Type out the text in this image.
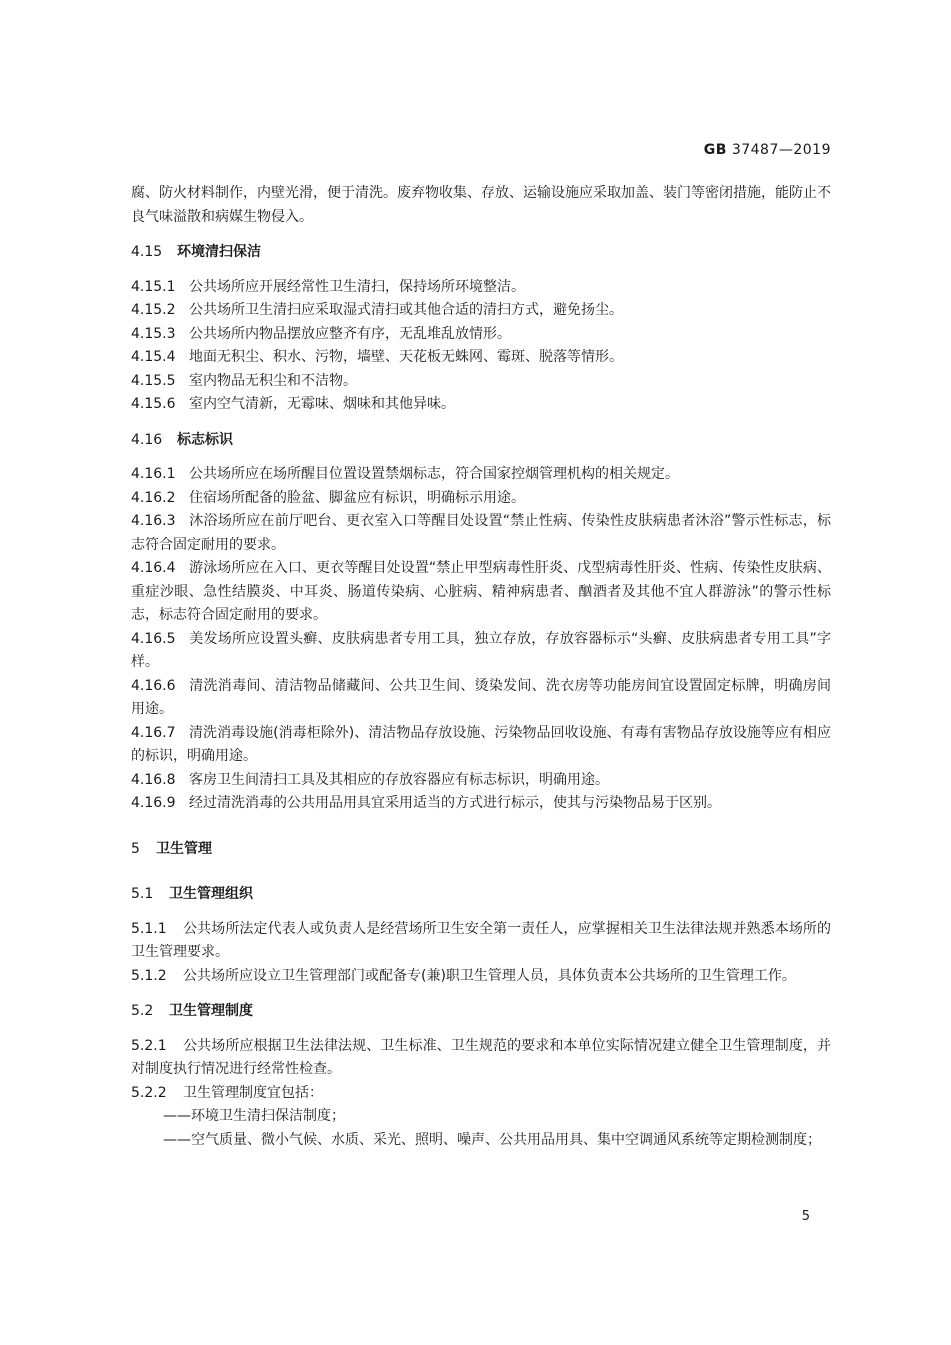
GB 37487—2019

腐、防火材料制作，内壁光滑，便于清洗。废弃物收集、存放、运输设施应采取加盖、装门等密闭措施，能防止不良气味溢散和病媒生物侵入。

4.15 环境清扫保洁

4.15.1 公共场所应开展经常性卫生清扫，保持场所环境整洁。

4.15.2 公共场所卫生清扫应采取湿式清扫或其他合适的清扫方式，避免扬尘。

4.15.3 公共场所内物品摆放应整齐有序，无乱堆乱放情形。

4.15.4 地面无积尘、积水、污物，墙壁、天花板无蛛网、霉斑、脱落等情形。

4.15.5 室内物品无积尘和不洁物。

4.15.6 室内空气清新，无霉味、烟味和其他异味。

4.16 标志标识

4.16.1 公共场所应在场所醒目位置设置禁烟标志，符合国家控烟管理机构的相关规定。

4.16.2 住宿场所配备的脸盆、脚盆应有标识，明确标示用途。

4.16.3 沐浴场所应在前厅吧台、更衣室入口等醒目处设置“禁止性病、传染性皮肤病患者沐浴”警示性标志，标志符合固定耐用的要求。

4.16.4 游泳场所应在入口、更衣等醒目处设置“禁止甲型病毒性肝炎、戊型病毒性肝炎、性病、传染性皮肤病、重症沙眼、急性结膜炎、中耳炎、肠道传染病、心脏病、精神病患者、酗酒者及其他不宜人群游泳”的警示性标志，标志符合固定耐用的要求。

4.16.5 美发场所应设置头癣、皮肤病患者专用工具，独立存放，存放容器标示“头癣、皮肤病患者专用工具”字样。

4.16.6 清洗消毒间、清洁物品储藏间、公共卫生间、烫染发间、洗衣房等功能房间宜设置固定标牌，明确房间用途。

4.16.7 清洗消毒设施(消毒柜除外)、清洁物品存放设施、污染物品回收设施、有毒有害物品存放设施等应有相应的标识，明确用途。

4.16.8 客房卫生间清扫工具及其相应的存放容器应有标志标识，明确用途。

4.16.9 经过清洗消毒的公共用品用具宜采用适当的方式进行标示，使其与污染物品易于区别。

5 卫生管理

5.1 卫生管理组织

5.1.1 公共场所法定代表人或负责人是经营场所卫生安全第一责任人，应掌握相关卫生法律法规并熟悉本场所的卫生管理要求。

5.1.2 公共场所应设立卫生管理部门或配备专(兼)职卫生管理人员，具体负责本公共场所的卫生管理工作。

5.2 卫生管理制度

5.2.1 公共场所应根据卫生法律法规、卫生标准、卫生规范的要求和本单位实际情况建立健全卫生管理制度，并对制度执行情况进行经常性检查。

5.2.2 卫生管理制度宜包括：

——环境卫生清扫保洁制度；

——空气质量、微小气候、水质、采光、照明、噪声、公共用品用具、集中空调通风系统等定期检测制度；

5
